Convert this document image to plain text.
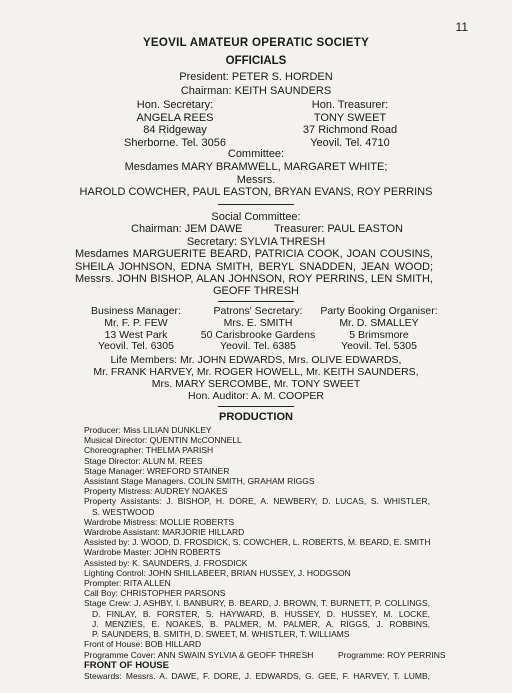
11
YEOVIL AMATEUR OPERATIC SOCIETY
OFFICIALS
President: PETER S. HORDEN
Chairman: KEITH SAUNDERS
Hon. Secretary:
ANGELA REES
84 Ridgeway
Sherborne. Tel. 3056
Hon. Treasurer:
TONY SWEET
37 Richmond Road
Yeovil. Tel. 4710
Committee:
Mesdames MARY BRAMWELL, MARGARET WHITE;
Messrs.
HAROLD COWCHER, PAUL EASTON, BRYAN EVANS, ROY PERRINS
Social Committee:
Chairman: JEM DAWE	Treasurer: PAUL EASTON
Secretary: SYLVIA THRESH
Mesdames MARGUERITE BEARD, PATRICIA COOK, JOAN COUSINS,
SHEILA JOHNSON, EDNA SMITH, BERYL SNADDEN, JEAN WOOD;
Messrs. JOHN BISHOP, ALAN JOHNSON, ROY PERRINS, LEN SMITH,
GEOFF THRESH
Business Manager:
Mr. F. P. FEW
13 West Park
Yeovil. Tel. 6305
Patrons' Secretary:
Mrs. E. SMITH
50 Carisbrooke Gardens
Yeovil. Tel. 6385
Party Booking Organiser:
Mr. D. SMALLEY
5 Brimsmore
Yeovil. Tel. 5305
Life Members: Mr. JOHN EDWARDS, Mrs. OLIVE EDWARDS,
Mr. FRANK HARVEY, Mr. ROGER HOWELL, Mr. KEITH SAUNDERS,
Mrs. MARY SERCOMBE, Mr. TONY SWEET
Hon. Auditor: A. M. COOPER
PRODUCTION
Producer: Miss LILIAN DUNKLEY
Musical Director: QUENTIN McCONNELL
Choreographer: THELMA PARISH
Stage Director: ALUN M. REES
Stage Manager: WREFORD STAINER
Assistant Stage Managers. COLIN SMITH, GRAHAM RIGGS
Property Mistress: AUDREY NOAKES
Property Assistants: J. BISHOP, H. DORE, A. NEWBERY, D. LUCAS, S. WHISTLER,
S. WESTWOOD
Wardrobe Mistress: MOLLIE ROBERTS
Wardrobe Assistant: MARJORIE HILLARD
Assisted by: J. WOOD, D. FROSDICK, S. COWCHER, L. ROBERTS, M. BEARD, E. SMITH
Wardrobe Master: JOHN ROBERTS
Assisted by: K. SAUNDERS, J. FROSDICK
Lighting Control: JOHN SHILLABEER, BRIAN HUSSEY, J. HODGSON
Prompter: RITA ALLEN
Call Boy: CHRISTOPHER PARSONS
Stage Crew: J. ASHBY, I. BANBURY, B. BEARD, J. BROWN, T. BURNETT, P. COLLINGS,
D. FINLAY, B. FORSTER, S. HAYWARD, B. HUSSEY, D. HUSSEY, M. LOCKE,
J. MENZIES, E. NOAKES, B. PALMER, M. PALMER, A. RIGGS, J. ROBBINS,
P. SAUNDERS, B. SMITH, D. SWEET, M. WHISTLER, T. WILLIAMS
Front of House: BOB HILLARD
Programme Cover: ANN SWAIN SYLVIA & GEOFF THRESH	Programme: ROY PERRINS
FRONT OF HOUSE
Stewards: Messrs. A. DAWE, F. DORE, J. EDWARDS, G. GEE, F. HARVEY, T. LUMB,
